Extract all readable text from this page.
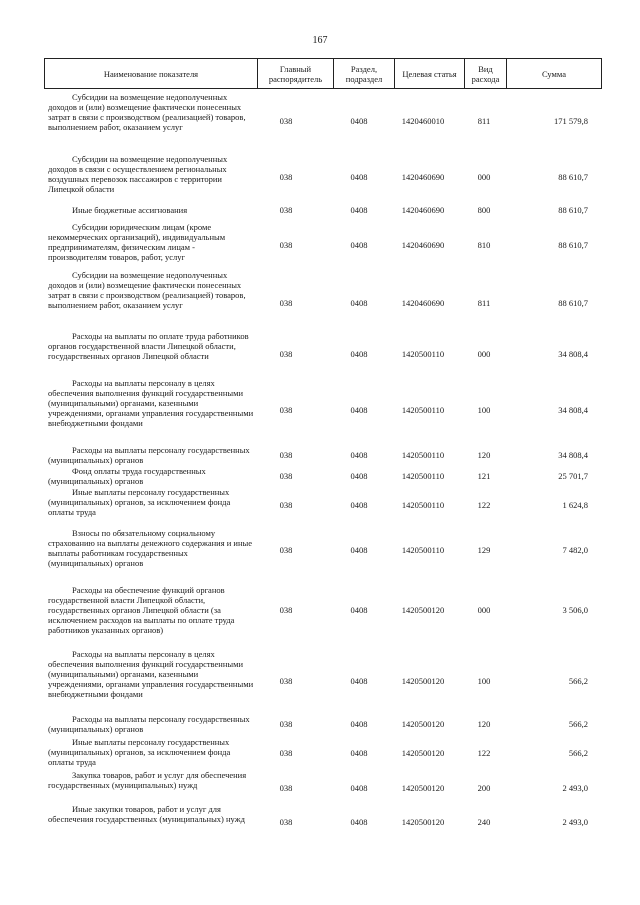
167
Наименование показателя	Главный
распорядитель
Раздел,
подраздел	Целевая статья	Вид
расхода	Сумма
Субсидии на возмещение недополученных доходов и (или) возмещение фактически понесенных затрат в связи с производством (реализацией) товаров, выполнением работ, оказанием услуг
038	0408	1420460010	811	171 579,8
Субсидии на возмещение недополученных доходов в связи с осуществлением региональных воздушных перевозок пассажиров с территории Липецкой области
038	0408	1420460690	000	88 610,7
Иные бюджетные ассигнования	038	0408	1420460690	800	88 610,7
Субсидии юридическим лицам (кроме некоммерческих организаций), индивидуальным предпринимателям, физическим лицам - производителям товаров, работ, услуг
038	0408	1420460690	810	88 610,7
Субсидии на возмещение недополученных доходов и (или) возмещение фактически понесенных затрат в связи с производством (реализацией) товаров, выполнением работ, оказанием услуг	038	0408	1420460690	811	88 610,7
Расходы на выплаты по оплате труда работников органов государственной власти Липецкой области, государственных органов Липецкой области	038	0408	1420500110	000	34 808,4
Расходы на выплаты персоналу в целях обеспечения выполнения функций государственными (муниципальными) органами, казенными учреждениями, органами управления государственными внебюджетными фондами
038	0408	1420500110	100	34 808,4
Расходы на выплаты персоналу государственных (муниципальных) органов	038	0408	1420500110	120	34 808,4
Фонд оплаты труда государственных (муниципальных) органов	038	0408	1420500110	121	25 701,7
Иные выплаты персоналу государственных (муниципальных) органов, за исключением фонда оплаты труда
038	0408	1420500110	122	1 624,8
Взносы по обязательному социальному страхованию на выплаты денежного содержания и иные выплаты работникам государственных (муниципальных) органов
038	0408	1420500110	129	7 482,0
Расходы на обеспечение функций органов государственной власти Липецкой области, государственных органов Липецкой области (за исключением расходов на выплаты по оплате труда работников указанных органов)
038	0408	1420500120	000	3 506,0
Расходы на выплаты персоналу в целях обеспечения выполнения функций государственными (муниципальными) органами, казенными учреждениями, органами управления государственными внебюджетными фондами
038	0408	1420500120	100	566,2
Расходы на выплаты персоналу государственных (муниципальных) органов	038	0408	1420500120	120	566,2
Иные выплаты персоналу государственных (муниципальных) органов, за исключением фонда оплаты труда
038	0408	1420500120	122	566,2
Закупка товаров, работ и услуг для обеспечения государственных (муниципальных) нужд	038	0408	1420500120	200	2 493,0
Иные закупки товаров, работ и услуг для обеспечения государственных (муниципальных) нужд	038	0408	1420500120	240	2 493,0
